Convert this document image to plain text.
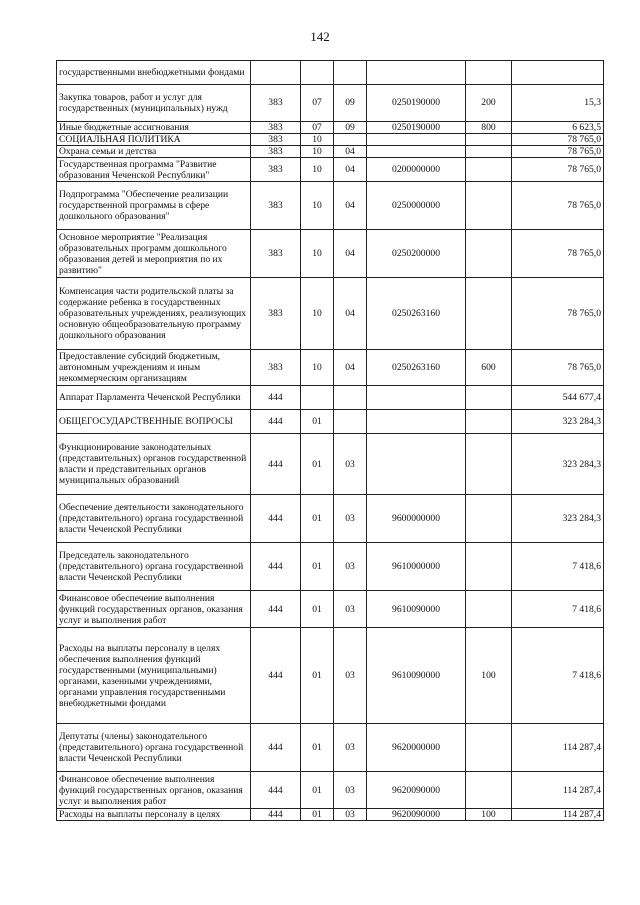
142
государственными внебюджетными фондами						
Закупка товаров, работ и услуг для государственных (муниципальных) нужд	383	07	09	0250190000	200	15,3
Иные бюджетные ассигнования	383	07	09	0250190000	800	6 623,5
СОЦИАЛЬНАЯ ПОЛИТИКА	383	10				78 765,0
Охрана семьи и детства	383	10	04			78 765,0
Государственная программа "Развитие образования Чеченской Республики"	383	10	04	0200000000		78 765,0
Подпрограмма "Обеспечение реализации государственной программы в сфере дошкольного образования"	383	10	04	0250000000		78 765,0
Основное мероприятие "Реализация образовательных программ дошкольного образования детей и мероприятия по их развитию"	383	10	04	0250200000		78 765,0
Компенсация части родительской платы за содержание ребенка в государственных образовательных учреждениях, реализующих основную общеобразовательную программу дошкольного образования	383	10	04	0250263160		78 765,0
Предоставление субсидий бюджетным, автономным учреждениям и иным некоммерческим организациям	383	10	04	0250263160	600	78 765,0
Аппарат Парламента Чеченской Республики	444					544 677,4
ОБЩЕГОСУДАРСТВЕННЫЕ ВОПРОСЫ	444	01				323 284,3
Функционирование законодательных (представительных) органов государственной власти и представительных органов муниципальных образований	444	01	03			323 284,3
Обеспечение деятельности законодательного (представительного) органа государственной власти Чеченской Республики	444	01	03	9600000000		323 284,3
Председатель законодательного (представительного) органа государственной власти Чеченской Республики	444	01	03	9610000000		7 418,6
Финансовое обеспечение выполнения функций государственных органов, оказания услуг и выполнения работ	444	01	03	9610090000		7 418,6
Расходы на выплаты персоналу в целях обеспечения выполнения функций государственными (муниципальными) органами, казенными учреждениями, органами управления государственными внебюджетными фондами	444	01	03	9610090000	100	7 418,6
Депутаты (члены) законодательного (представительного) органа государственной власти Чеченской Республики	444	01	03	9620000000		114 287,4
Финансовое обеспечение выполнения функций государственных органов, оказания услуг и выполнения работ	444	01	03	9620090000		114 287,4
Расходы на выплаты персоналу в целях	444	01	03	9620090000	100	114 287,4
